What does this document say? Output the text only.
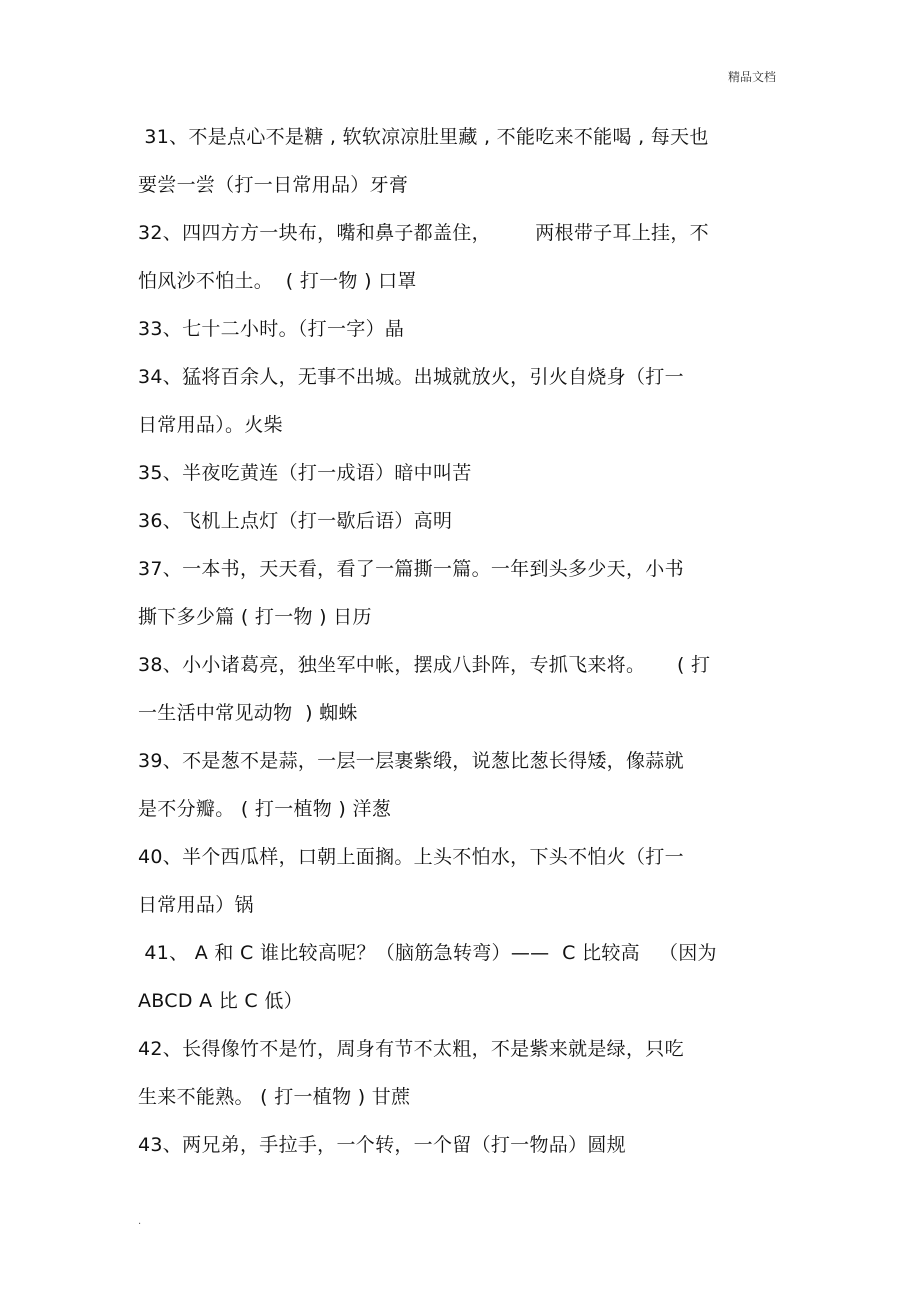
精品文档
31、不是点心不是糖 , 软软凉凉肚里藏 , 不能吃来不能喝 , 每天也
要尝一尝（打一日常用品）牙膏
32、四四方方一块布，嘴和鼻子都盖住，       两根带子耳上挂，不
怕风沙不怕土。  ( 打一物 ) 口罩
33、七十二小时。（打一字）晶
34、猛将百余人，无事不出城。出城就放火，引火自烧身（打一
日常用品）。火柴
35、半夜吃黄连（打一成语）暗中叫苦
36、飞机上点灯（打一歇后语）高明
37、一本书，天天看，看了一篇撕一篇。一年到头多少天，小书
撕下多少篇 ( 打一物 ) 日历
38、小小诸葛亮，独坐军中帐，摆成八卦阵，专抓飞来将。     ( 打
一生活中常见动物  ) 蜘蛛
39、不是葱不是蒜，一层一层裹紫缎，说葱比葱长得矮，像蒜就
是不分瓣。 ( 打一植物 ) 洋葱
40、半个西瓜样，口朝上面搁。上头不怕水，下头不怕火（打一
日常用品）锅
41、 A 和 C 谁比较高呢？（脑筋急转弯）——  C 比较高   （因为
ABCD A 比 C 低）
42、长得像竹不是竹，周身有节不太粗，不是紫来就是绿，只吃
生来不能熟。 ( 打一植物 ) 甘蔗
43、两兄弟，手拉手，一个转，一个留（打一物品）圆规
.
